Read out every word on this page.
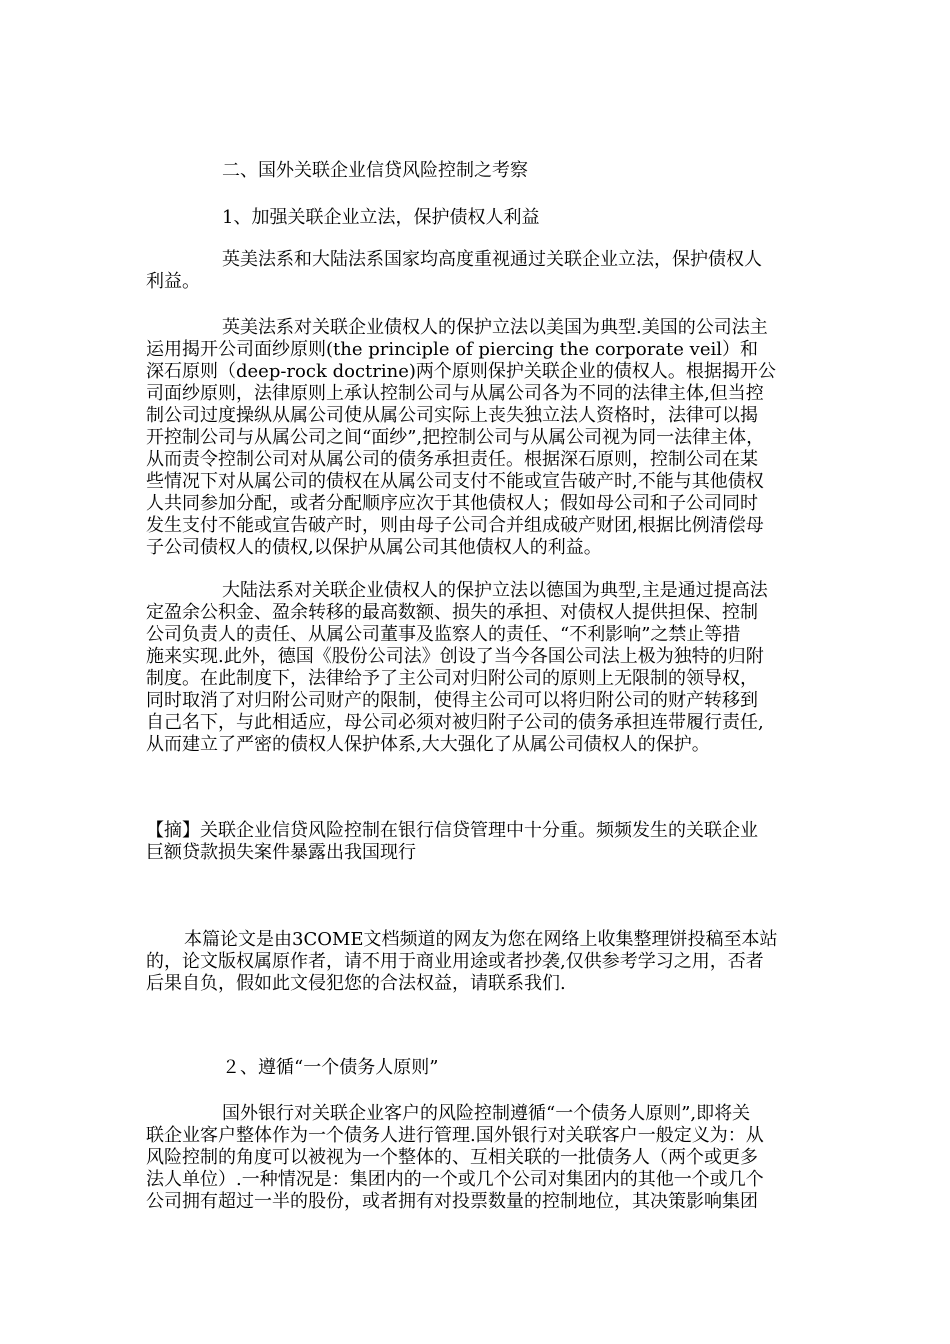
二、国外关联企业信贷风险控制之考察
1、加强关联企业立法，保护债权人利益
英美法系和大陆法系国家均高度重视通过关联企业立法，保护债权人
利益。
英美法系对关联企业债权人的保护立法以美国为典型.美国的公司法主
运用揭开公司面纱原则(the principle of piercing the corporate veil）和
深石原则（deep-rock doctrine)两个原则保护关联企业的债权人。根据揭开公
司面纱原则，法律原则上承认控制公司与从属公司各为不同的法律主体,但当控
制公司过度操纵从属公司使从属公司实际上丧失独立法人资格时，法律可以揭
开控制公司与从属公司之间“面纱”,把控制公司与从属公司视为同一法律主体，
从而责令控制公司对从属公司的债务承担责任。根据深石原则，控制公司在某
些情况下对从属公司的债权在从属公司支付不能或宣告破产时,不能与其他债权
人共同参加分配，或者分配顺序应次于其他债权人；假如母公司和子公司同时
发生支付不能或宣告破产时，则由母子公司合并组成破产财团,根据比例清偿母
子公司债权人的债权,以保护从属公司其他债权人的利益。
大陆法系对关联企业债权人的保护立法以德国为典型,主是通过提高法
定盈余公积金、盈余转移的最高数额、损失的承担、对债权人提供担保、控制
公司负责人的责任、从属公司董事及监察人的责任、“不利影响”之禁止等措
施来实现.此外，德国《股份公司法》创设了当今各国公司法上极为独特的归附
制度。在此制度下，法律给予了主公司对归附公司的原则上无限制的领导权，
同时取消了对归附公司财产的限制，使得主公司可以将归附公司的财产转移到
自己名下，与此相适应，母公司必须对被归附子公司的债务承担连带履行责任,
从而建立了严密的债权人保护体系,大大强化了从属公司债权人的保护。
【摘】关联企业信贷风险控制在银行信贷管理中十分重。频频发生的关联企业
巨额贷款损失案件暴露出我国现行
本篇论文是由3COME文档频道的网友为您在网络上收集整理饼投稿至本站
的，论文版权属原作者，请不用于商业用途或者抄袭,仅供参考学习之用，否者
后果自负，假如此文侵犯您的合法权益，请联系我们.
２、遵循“一个债务人原则”
国外银行对关联企业客户的风险控制遵循“一个债务人原则”,即将关
联企业客户整体作为一个债务人进行管理.国外银行对关联客户一般定义为：从
风险控制的角度可以被视为一个整体的、互相关联的一批债务人（两个或更多
法人单位）.一种情况是：集团内的一个或几个公司对集团内的其他一个或几个
公司拥有超过一半的股份，或者拥有对投票数量的控制地位，其决策影响集团
